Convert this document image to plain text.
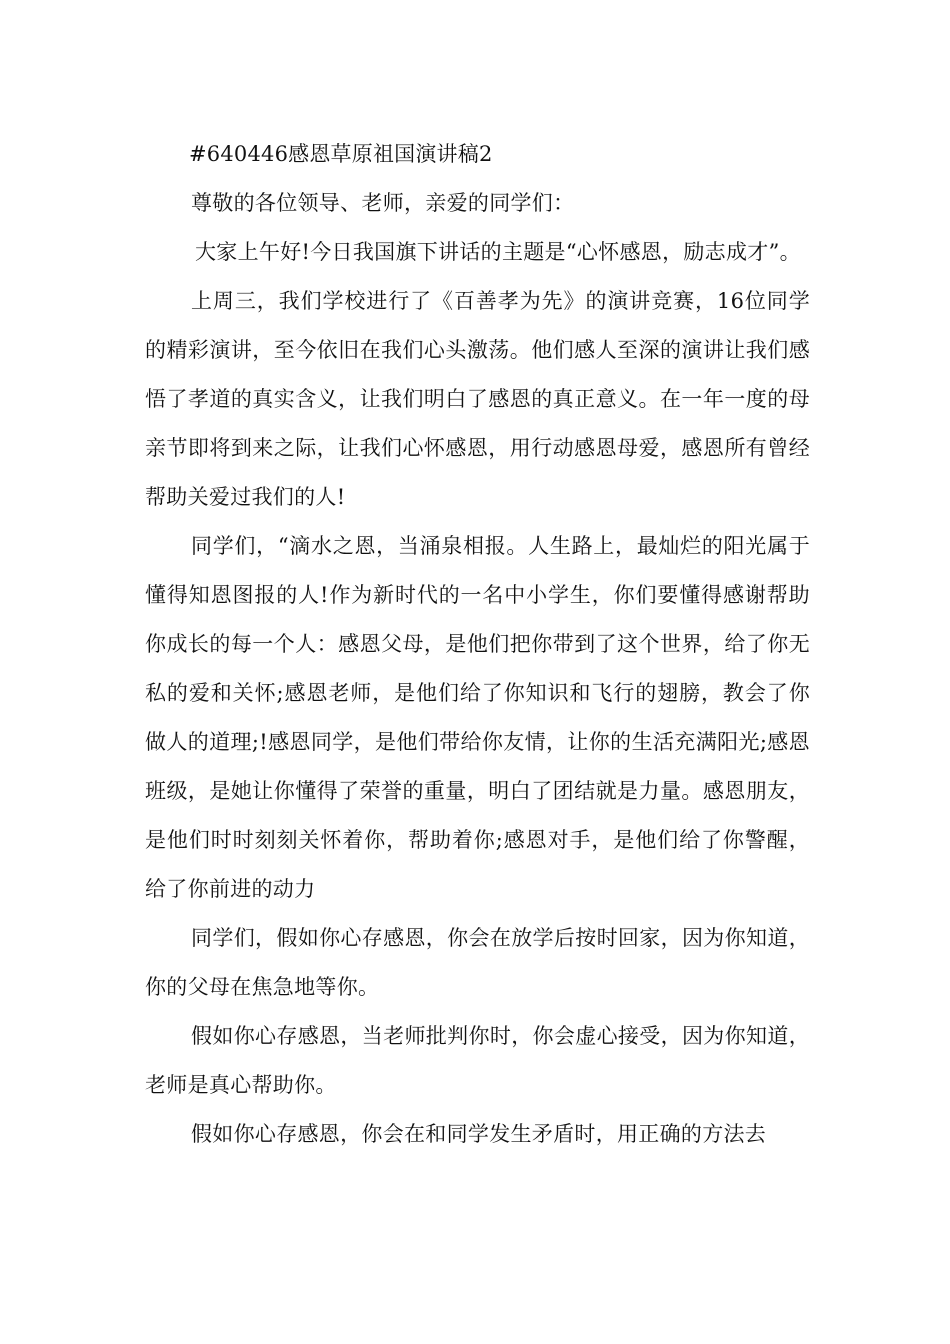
#640446感恩草原祖国演讲稿2

尊敬的各位领导、老师，亲爱的同学们：

大家上午好!今日我国旗下讲话的主题是“心怀感恩，励志成才”。

上周三，我们学校进行了《百善孝为先》的演讲竞赛，16位同学的精彩演讲，至今依旧在我们心头激荡。他们感人至深的演讲让我们感悟了孝道的真实含义，让我们明白了感恩的真正意义。在一年一度的母亲节即将到来之际，让我们心怀感恩，用行动感恩母爱，感恩所有曾经帮助关爱过我们的人!

同学们，“滴水之恩，当涌泉相报。人生路上，最灿烂的阳光属于懂得知恩图报的人!作为新时代的一名中小学生，你们要懂得感谢帮助你成长的每一个人：感恩父母，是他们把你带到了这个世界，给了你无私的爱和关怀;感恩老师，是他们给了你知识和飞行的翅膀，教会了你做人的道理;!感恩同学，是他们带给你友情，让你的生活充满阳光;感恩班级，是她让你懂得了荣誉的重量，明白了团结就是力量。感恩朋友，是他们时时刻刻关怀着你，帮助着你;感恩对手，是他们给了你警醒，给了你前进的动力

同学们，假如你心存感恩，你会在放学后按时回家，因为你知道，你的父母在焦急地等你。

假如你心存感恩，当老师批判你时，你会虚心接受，因为你知道，老师是真心帮助你。

假如你心存感恩，你会在和同学发生矛盾时，用正确的方法去
